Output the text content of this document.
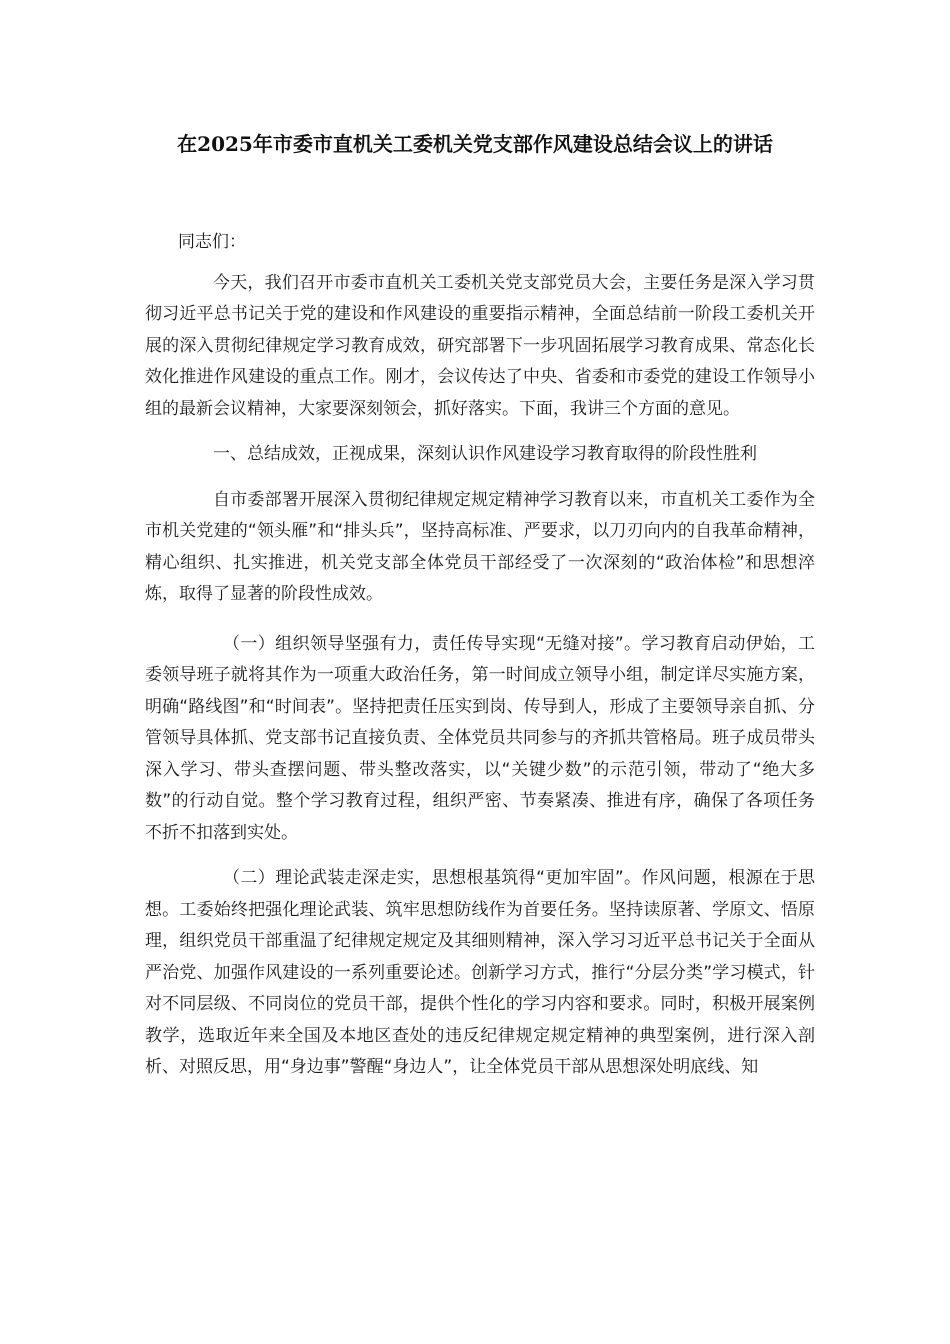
在2025年市委市直机关工委机关党支部作风建设总结会议上的讲话

同志们：

今天，我们召开市委市直机关工委机关党支部党员大会，主要任务是深入学习贯彻习近平总书记关于党的建设和作风建设的重要指示精神，全面总结前一阶段工委机关开展的深入贯彻纪律规定学习教育成效，研究部署下一步巩固拓展学习教育成果、常态化长效化推进作风建设的重点工作。刚才，会议传达了中央、省委和市委党的建设工作领导小组的最新会议精神，大家要深刻领会，抓好落实。下面，我讲三个方面的意见。

一、总结成效，正视成果，深刻认识作风建设学习教育取得的阶段性胜利

自市委部署开展深入贯彻纪律规定规定精神学习教育以来，市直机关工委作为全市机关党建的“领头雁”和“排头兵”，坚持高标准、严要求，以刀刃向内的自我革命精神，精心组织、扎实推进，机关党支部全体党员干部经受了一次深刻的“政治体检”和思想淬炼，取得了显著的阶段性成效。

（一）组织领导坚强有力，责任传导实现“无缝对接”。学习教育启动伊始，工委领导班子就将其作为一项重大政治任务，第一时间成立领导小组，制定详尽实施方案，明确“路线图”和“时间表”。坚持把责任压实到岗、传导到人，形成了主要领导亲自抓、分管领导具体抓、党支部书记直接负责、全体党员共同参与的齐抓共管格局。班子成员带头深入学习、带头查摆问题、带头整改落实，以“关键少数”的示范引领，带动了“绝大多数”的行动自觉。整个学习教育过程，组织严密、节奏紧凑、推进有序，确保了各项任务不折不扣落到实处。

（二）理论武装走深走实，思想根基筑得“更加牢固”。作风问题，根源在于思想。工委始终把强化理论武装、筑牢思想防线作为首要任务。坚持读原著、学原文、悟原理，组织党员干部重温了纪律规定规定及其细则精神，深入学习习近平总书记关于全面从严治党、加强作风建设的一系列重要论述。创新学习方式，推行“分层分类”学习模式，针对不同层级、不同岗位的党员干部，提供个性化的学习内容和要求。同时，积极开展案例教学，选取近年来全国及本地区查处的违反纪律规定规定精神的典型案例，进行深入剖析、对照反思，用“身边事”警醒“身边人”，让全体党员干部从思想深处明底线、知
